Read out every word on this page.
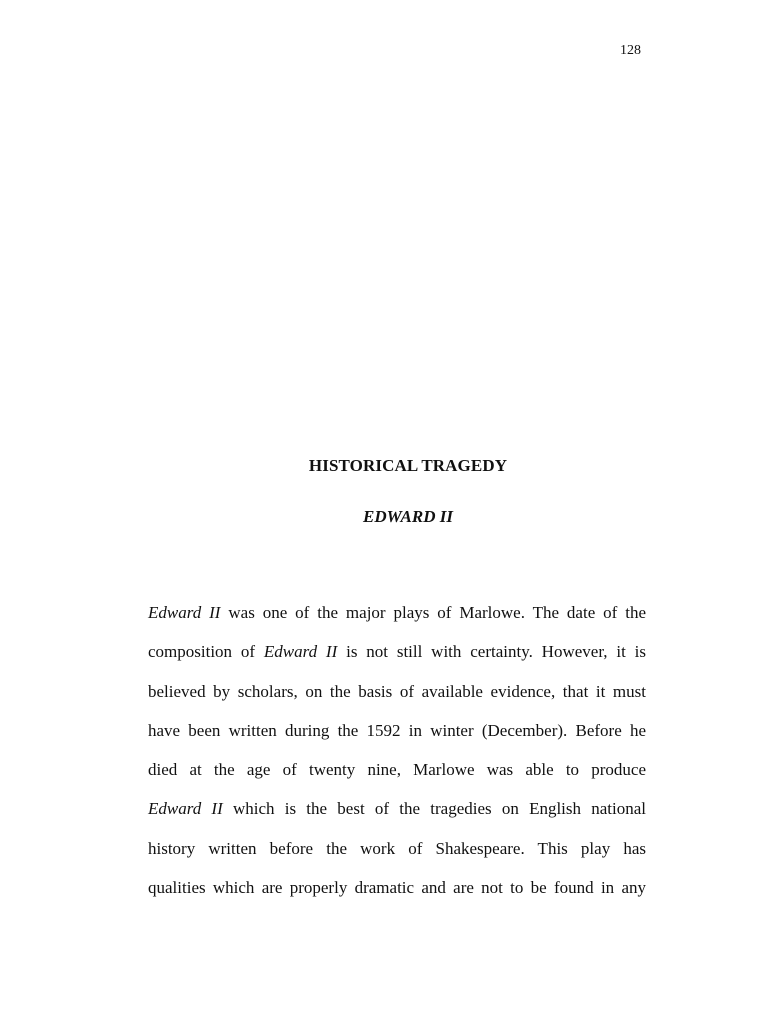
128
HISTORICAL TRAGEDY
EDWARD II
Edward II was one of the major plays of Marlowe. The date of the
composition of Edward II is not still with certainty. However, it is
believed by scholars, on the basis of available evidence, that it must
have been written during the 1592 in winter (December). Before he
died at the age of twenty nine, Marlowe was able to produce
Edward II which is the best of the tragedies on English national
history written before the work of Shakespeare. This play has
qualities which are properly dramatic and are not to be found in any
